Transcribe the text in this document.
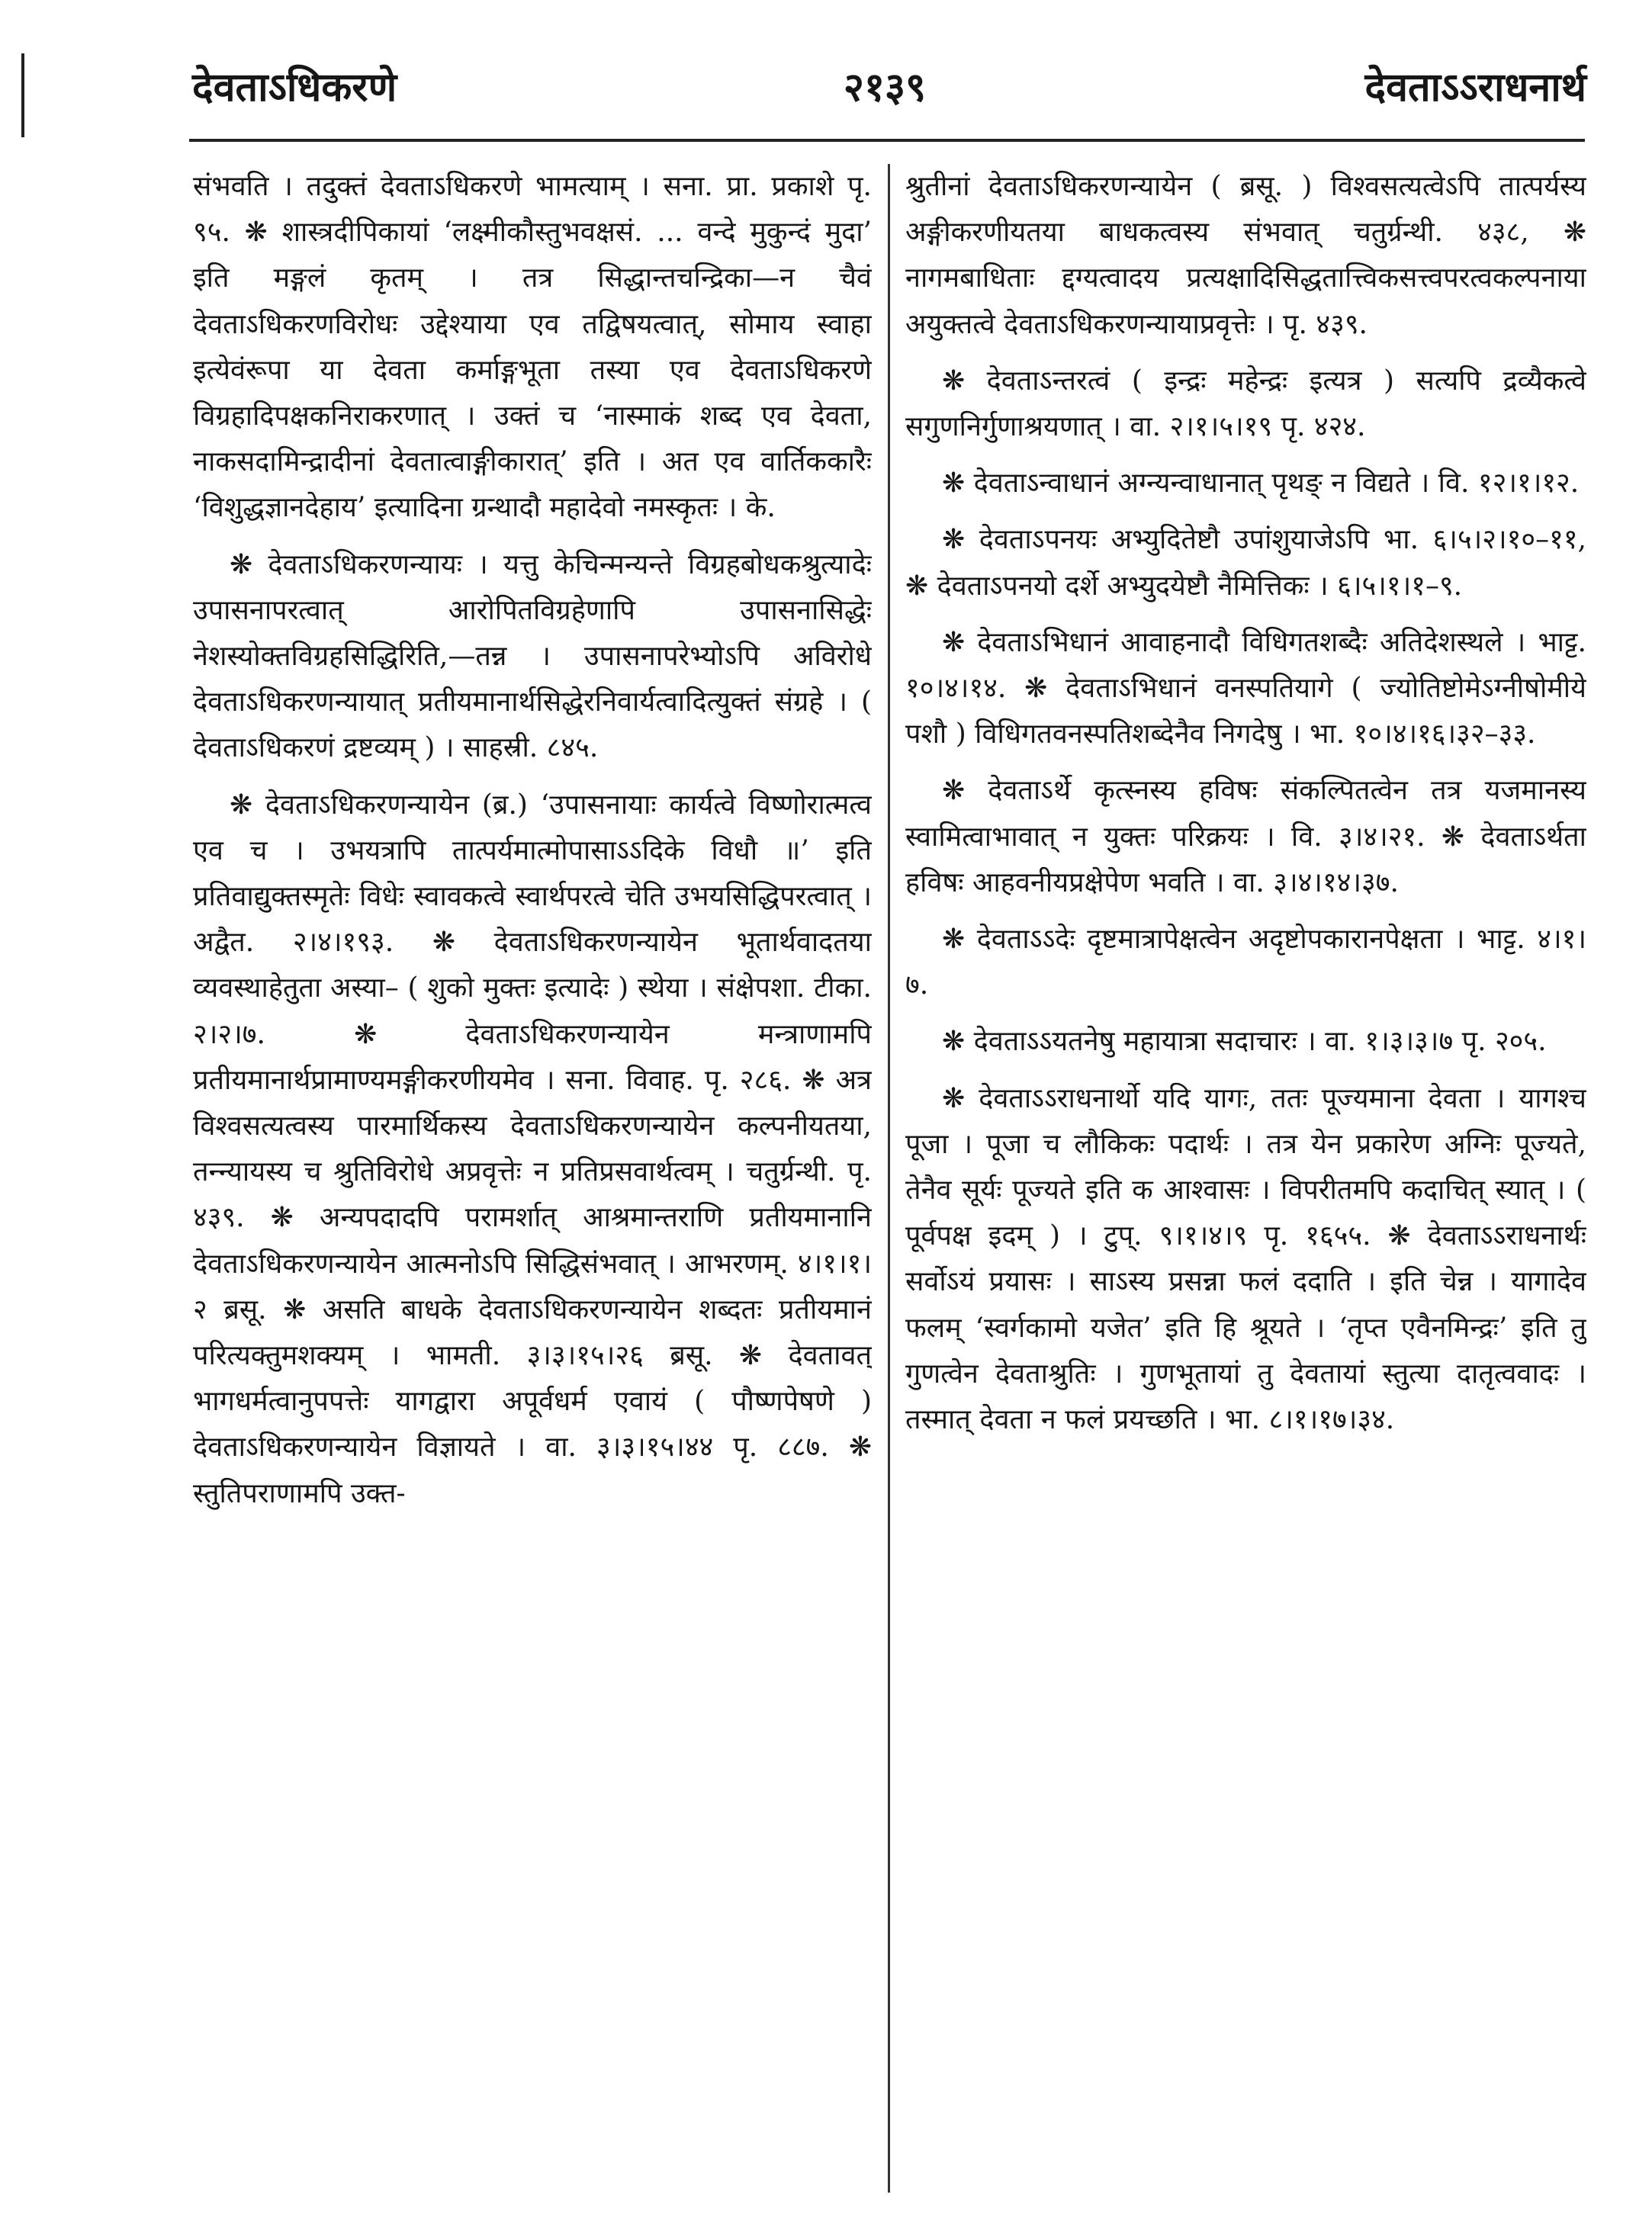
२१३९
देवताऽधिकरणे	देवताऽऽराधनार्थ

संभवति । तदुक्तं देवताऽधिकरणे भामत्याम् । सना. प्रा. प्रकाशे पृ. ९५. ❋ शास्त्रदीपिकायां ‘लक्ष्मीकौस्तुभवक्षसं. ... वन्दे मुकुन्दं मुदा’ इति मङ्गलं कृतम् । तत्र सिद्धान्तचन्द्रिका—न चैवं देवताऽधिकरणविरोधः उद्देश्याया एव तद्विषयत्वात्, सोमाय स्वाहा इत्येवंरूपा या देवता कर्माङ्गभूता तस्या एव देवताऽधिकरणे विग्रहादिपक्षकनिराकरणात् । उक्तं च ‘नास्माकं शब्द एव देवता, नाकसदामिन्द्रादीनां देवतात्वाङ्गीकारात्’ इति । अत एव वार्तिककारैः ‘विशुद्धज्ञानदेहाय’ इत्यादिना ग्रन्थादौ महादेवो नमस्कृतः । के.

❋ देवताऽधिकरणन्यायः । यत्तु केचिन्मन्यन्ते विग्रहबोधकश्रुत्यादेः उपासनापरत्वात् आरोपितविग्रहेणापि उपासनासिद्धेः नेशस्योक्तविग्रहसिद्धिरिति,—तन्न । उपासनापरेभ्योऽपि अविरोधे देवताऽधिकरणन्यायात् प्रतीयमानार्थसिद्धेरनिवार्यत्वादित्युक्तं संग्रहे । ( देवताऽधिकरणं द्रष्टव्यम् ) । साहस्री. ८४५.

❋ देवताऽधिकरणन्यायेन (ब्र.) ‘उपासनायाः कार्यत्वे विष्णोरात्मत्व एव च । उभयत्रापि तात्पर्यमात्मोपासाऽऽदिके विधौ ॥’ इति प्रतिवाद्युक्तस्मृतेः विधेः स्वावकत्वे स्वार्थपरत्वे चेति उभयसिद्धिपरत्वात् । अद्वैत. २।४।१९३. ❋ देवताऽधिकरणन्यायेन भूतार्थवादतया व्यवस्थाहेतुता अस्या– ( शुको मुक्तः इत्यादेः ) स्थेया । संक्षेपशा. टीका. २।२।७. ❋ देवताऽधिकरणन्यायेन मन्त्राणामपि प्रतीयमानार्थप्रामाण्यमङ्गीकरणीयमेव । सना. विवाह. पृ. २८६. ❋ अत्र विश्वसत्यत्वस्य पारमार्थिकस्य देवताऽधिकरणन्यायेन कल्पनीयतया, तन्न्यायस्य च श्रुतिविरोधे अप्रवृत्तेः न प्रतिप्रसवार्थत्वम् । चतुर्ग्रन्थी. पृ. ४३९. ❋ अन्यपदादपि परामर्शात् आश्रमान्तराणि प्रतीयमानानि देवताऽधिकरणन्यायेन आत्मनोऽपि सिद्धिसंभवात् । आभरणम्. ४।१।१।२ ब्रसू. ❋ असति बाधके देवताऽधिकरणन्यायेन शब्दतः प्रतीयमानं परित्यक्तुमशक्यम् । भामती. ३।३।१५।२६ ब्रसू. ❋ देवतावत् भागधर्मत्वानुपपत्तेः यागद्वारा अपूर्वधर्म एवायं ( पौष्णपेषणे ) देवताऽधिकरणन्यायेन विज्ञायते । वा. ३।३।१५।४४ पृ. ८८७. ❋ स्तुतिपराणामपि उक्त-

श्रुतीनां देवताऽधिकरणन्यायेन ( ब्रसू. ) विश्वसत्यत्वेऽपि तात्पर्यस्य अङ्गीकरणीयतया बाधकत्वस्य संभवात् चतुर्ग्रन्थी. ४३८, ❋ नागमबाधिताः द्दग्यत्वादय प्रत्यक्षादिसिद्धतात्त्विकसत्त्वपरत्वकल्पनाया अयुक्तत्वे देवताऽधिकरणन्यायाप्रवृत्तेः । पृ. ४३९.

❋ देवताऽन्तरत्वं ( इन्द्रः महेन्द्रः इत्यत्र ) सत्यपि द्रव्यैकत्वे सगुणनिर्गुणाश्रयणात् । वा. २।१।५।१९ पृ. ४२४.

❋ देवताऽन्वाधानं अग्न्यन्वाधानात् पृथङ् न विद्यते । वि. १२।१।१२.

❋ देवताऽपनयः अभ्युदितेष्टौ उपांशुयाजेऽपि भा. ६।५।२।१०–११, ❋ देवताऽपनयो दर्शे अभ्युदयेष्टौ नैमित्तिकः । ६।५।१।१–९.

❋ देवताऽभिधानं आवाहनादौ विधिगतशब्दैः अतिदेशस्थले । भाट्ट. १०।४।१४. ❋ देवताऽभिधानं वनस्पतियागे ( ज्योतिष्टोमेऽग्नीषोमीये पशौ ) विधिगतवनस्पतिशब्देनैव निगदेषु । भा. १०।४।१६।३२–३३.

❋ देवताऽर्थे कृत्स्नस्य हविषः संकल्पितत्वेन तत्र यजमानस्य स्वामित्वाभावात् न युक्तः परिक्रयः । वि. ३।४।२१. ❋ देवताऽर्थता हविषः आहवनीयप्रक्षेपेण भवति । वा. ३।४।१४।३७.

❋ देवताऽऽदेः दृष्टमात्रापेक्षत्वेन अदृष्टोपकारानपेक्षता । भाट्ट. ४।१।७.

❋ देवताऽऽयतनेषु महायात्रा सदाचारः । वा. १।३।३।७ पृ. २०५.

❋ देवताऽऽराधनार्थो यदि यागः, ततः पूज्यमाना देवता । यागश्च पूजा । पूजा च लौकिकः पदार्थः । तत्र येन प्रकारेण अग्निः पूज्यते, तेनैव सूर्यः पूज्यते इति क आश्वासः । विपरीतमपि कदाचित् स्यात् । ( पूर्वपक्ष इदम् ) । टुप्. ९।१।४।९ पृ. १६५५. ❋ देवताऽऽराधनार्थः सर्वोऽयं प्रयासः । साऽस्य प्रसन्ना फलं ददाति । इति चेन्न । यागादेव फलम् ‘स्वर्गकामो यजेत’ इति हि श्रूयते । ‘तृप्त एवैनमिन्द्रः’ इति तु गुणत्वेन देवताश्रुतिः । गुणभूतायां तु देवतायां स्तुत्या दातृत्ववादः । तस्मात् देवता न फलं प्रयच्छति । भा. ८।१।१७।३४.
